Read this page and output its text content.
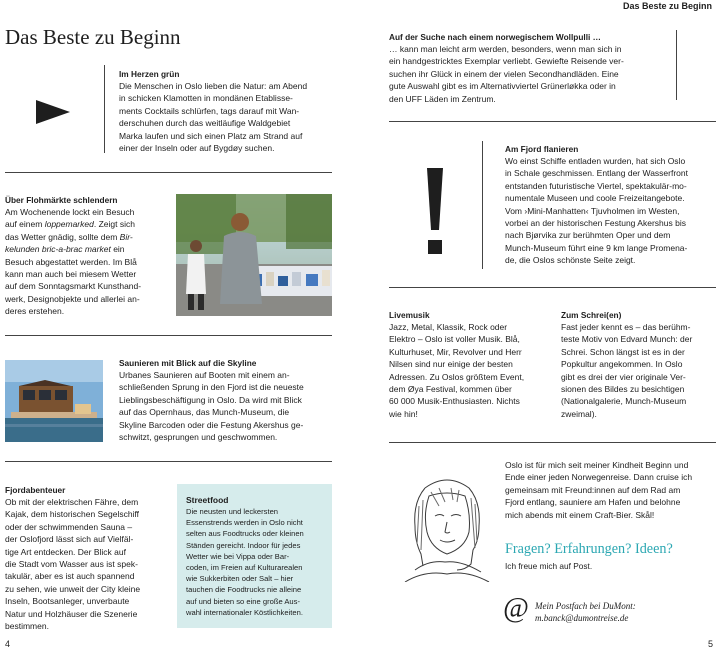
Das Beste zu Beginn
Das Beste zu Beginn
Im Herzen grün
Die Menschen in Oslo lieben die Natur: am Abend
in schicken Klamotten in mondänen Etablisse-
ments Cocktails schlürfen, tags darauf mit Wan-
derschuhen durch das weitläufige Waldgebiet
Marka laufen und sich einen Platz am Strand auf
einer der Inseln oder auf Bygdøy suchen.
Über Flohmärkte schlendern
Am Wochenende lockt ein Besuch
auf einem loppemarked. Zeigt sich
das Wetter gnädig, sollte dem Bir-
kelunden bric-a-brac market ein
Besuch abgestattet werden. Im Blå
kann man auch bei miesem Wetter
auf dem Sonntagsmarkt Kunsthand-
werk, Designobjekte und allerlei an-
deres erstehen.
Saunieren mit Blick auf die Skyline
Urbanes Saunieren auf Booten mit einem an-
schließenden Sprung in den Fjord ist die neueste
Lieblingsbeschäftigung in Oslo. Da wird mit Blick
auf das Opernhaus, das Munch-Museum, die
Skyline Barcoden oder die Festung Akershus ge-
schwitzt, gesprungen und geschwommen.
Fjordabenteuer
Ob mit der elektrischen Fähre, dem
Kajak, dem historischen Segelschiff
oder der schwimmenden Sauna –
der Oslofjord lässt sich auf Vielfäl-
tige Art entdecken. Der Blick auf
die Stadt vom Wasser aus ist spek-
takulär, aber es ist auch spannend
zu sehen, wie unweit der City kleine
Inseln, Bootsanleger, unverbaute
Natur und Holzhäuser die Szenerie
bestimmen.
Streetfood
Die neusten und leckersten
Essenstrends werden in Oslo nicht
selten aus Foodtrucks oder kleinen
Ständen gereicht. Indoor für jedes
Wetter wie bei Vippa oder Bar-
coden, im Freien auf Kulturarealen
wie Sukkerbiten oder Salt – hier
tauchen die Foodtrucks nie alleine
auf und bieten so eine große Aus-
wahl internationaler Köstlichkeiten.
4
Auf der Suche nach einem norwegischem Wollpulli …
… kann man leicht arm werden, besonders, wenn man sich in
ein handgestricktes Exemplar verliebt. Gewiefte Reisende ver-
suchen ihr Glück in einem der vielen Secondhandläden. Eine
gute Auswahl gibt es im Alternativviertel Grünerløkka oder in
den UFF Läden im Zentrum.
Am Fjord flanieren
Wo einst Schiffe entladen wurden, hat sich Oslo
in Schale geschmissen. Entlang der Wasserfront
entstanden futuristische Viertel, spektakulär-mo-
numentale Museen und coole Freizeitangebote.
Vom ›Mini-Manhatten‹ Tjuvholmen im Westen,
vorbei an der historischen Festung Akershus bis
nach Bjørvika zur berühmten Oper und dem
Munch-Museum führt eine 9 km lange Promena-
de, die Oslos schönste Seite zeigt.
Livemusik
Jazz, Metal, Klassik, Rock oder
Elektro – Oslo ist voller Musik. Blå,
Kulturhuset, Mir, Revolver und Herr
Nilsen sind nur einige der besten
Adressen. Zu Oslos größtem Event,
dem Øya Festival, kommen über
60 000 Musik-Enthusiasten. Nichts
wie hin!
Zum Schrei(en)
Fast jeder kennt es – das berühm-
teste Motiv von Edvard Munch: der
Schrei. Schon längst ist es in der
Popkultur angekommen. In Oslo
gibt es drei der vier originale Ver-
sionen des Bildes zu besichtigen
(Nationalgalerie, Munch-Museum
zweimal).
Oslo ist für mich seit meiner Kindheit Beginn und
Ende einer jeden Norwegenreise. Dann cruise ich
gemeinsam mit Freund:innen auf dem Rad am
Fjord entlang, sauniere am Hafen und belohne
mich abends mit einem Craft-Bier. Skål!
Fragen? Erfahrungen? Ideen?
Ich freue mich auf Post.
@ Mein Postfach bei DuMont:
m.banck@dumontreise.de
5
